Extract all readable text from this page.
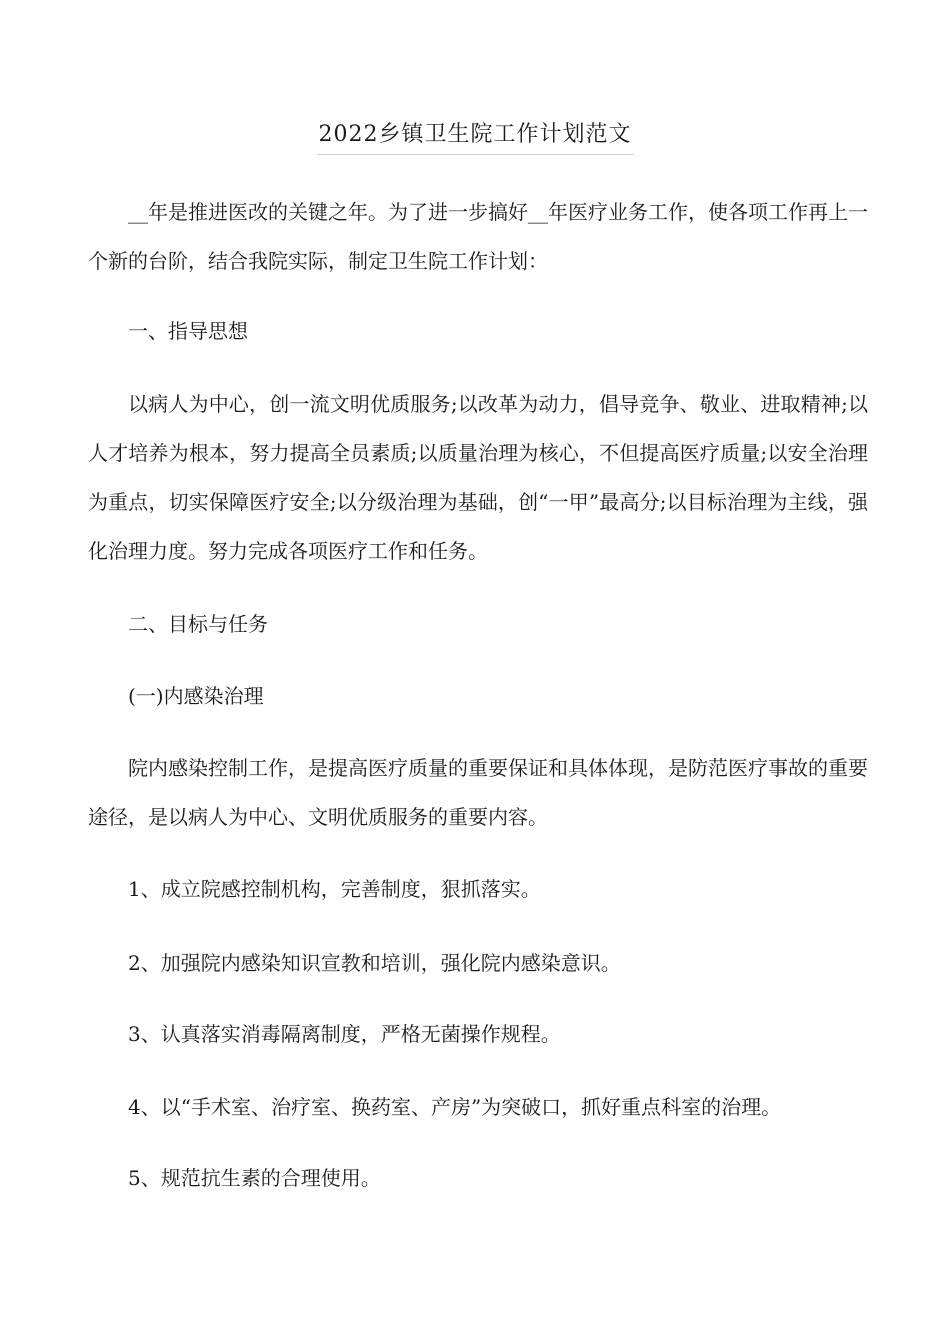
2022乡镇卫生院工作计划范文

__年是推进医改的关键之年。为了进一步搞好__年医疗业务工作，使各项工作再上一个新的台阶，结合我院实际，制定卫生院工作计划：

一、指导思想

以病人为中心，创一流文明优质服务;以改革为动力，倡导竞争、敬业、进取精神;以人才培养为根本，努力提高全员素质;以质量治理为核心，不但提高医疗质量;以安全治理为重点，切实保障医疗安全;以分级治理为基础，创“一甲”最高分;以目标治理为主线，强化治理力度。努力完成各项医疗工作和任务。

二、目标与任务

(一)内感染治理

院内感染控制工作，是提高医疗质量的重要保证和具体体现，是防范医疗事故的重要途径，是以病人为中心、文明优质服务的重要内容。

1、成立院感控制机构，完善制度，狠抓落实。

2、加强院内感染知识宣教和培训，强化院内感染意识。

3、认真落实消毒隔离制度，严格无菌操作规程。

4、以“手术室、治疗室、换药室、产房”为突破口，抓好重点科室的治理。

5、规范抗生素的合理使用。
